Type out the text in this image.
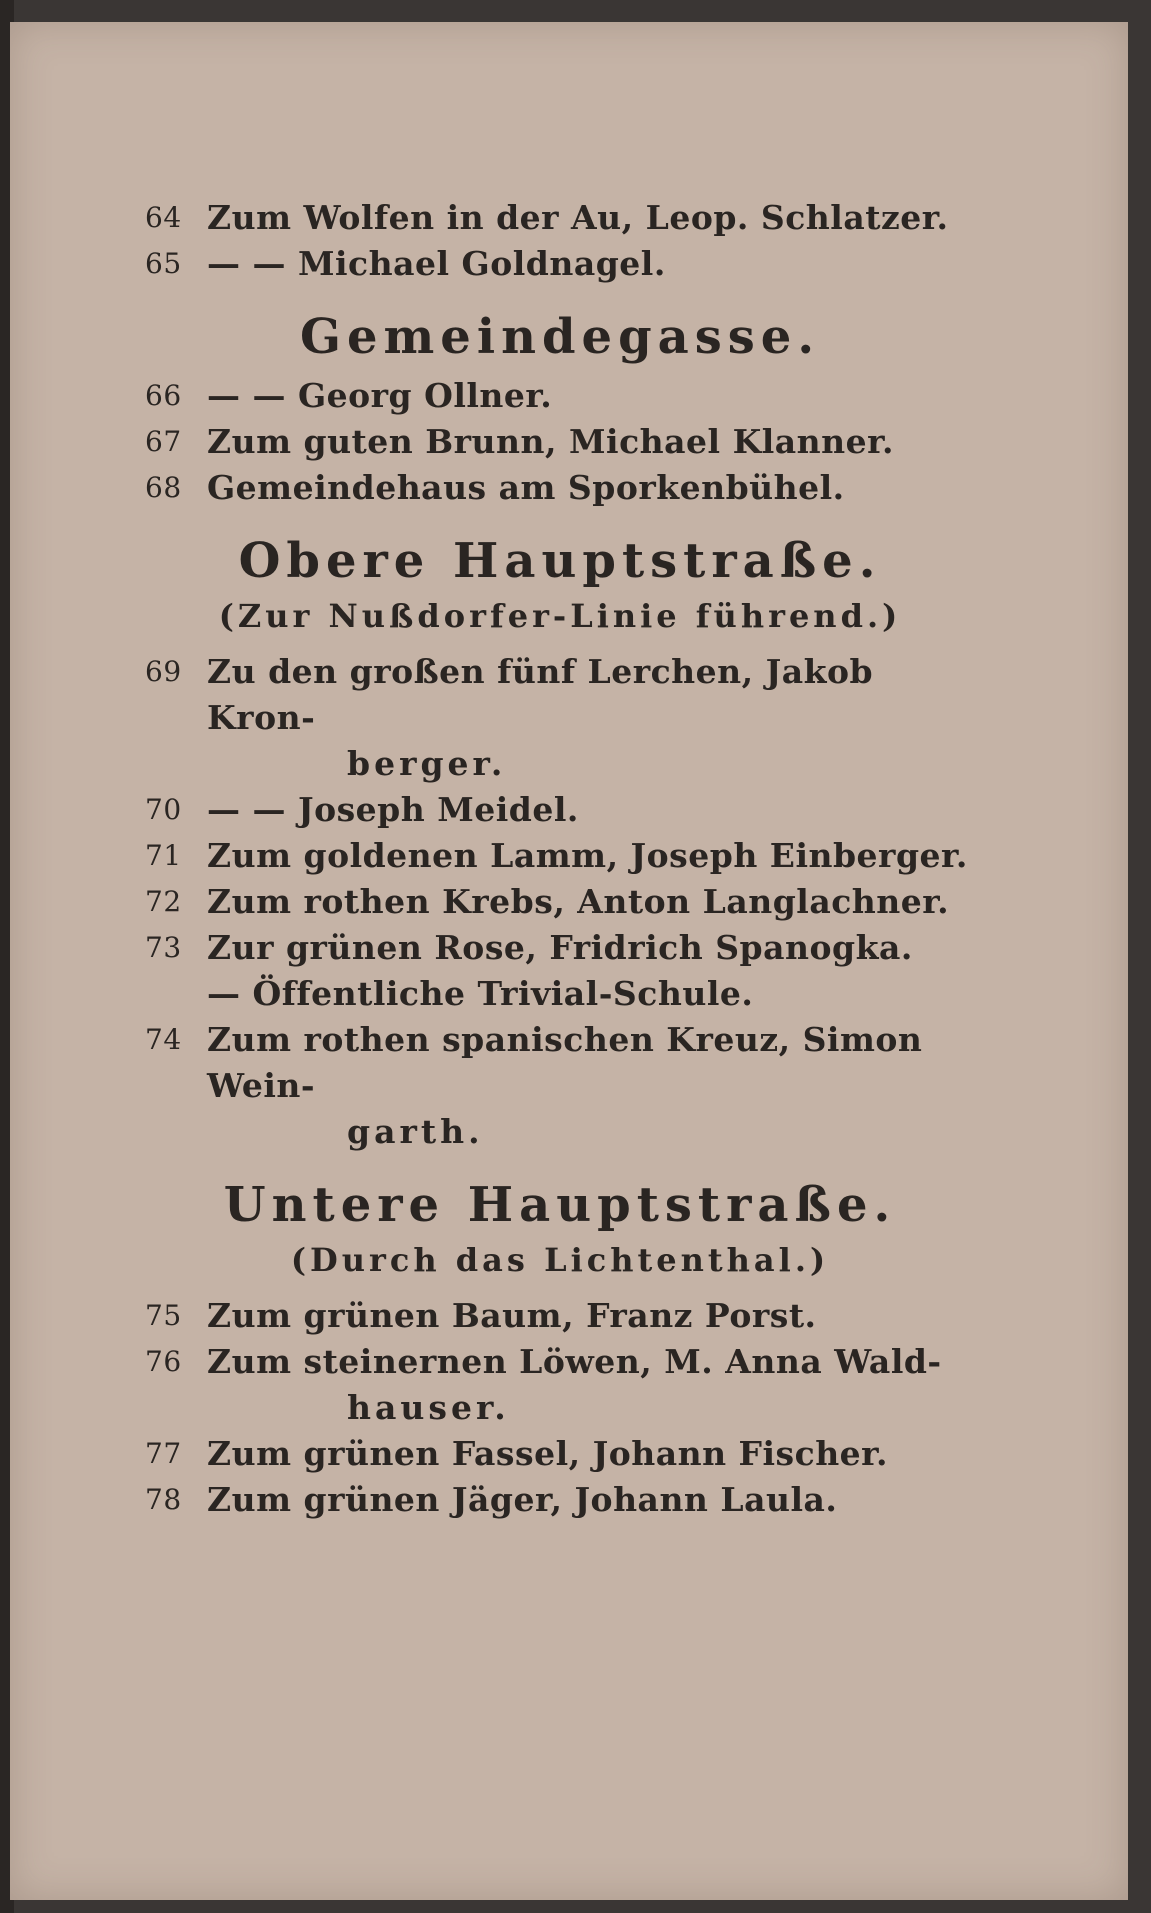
64 Zum Wolfen in der Au, Leop. Schlatzer.
65 — — Michael Goldnagel.
Gemeindegasse.
66 — — Georg Ollner.
67 Zum guten Brunn, Michael Klanner.
68 Gemeindehaus am Sporkenbühel.
Obere Hauptstraße.
(Zur Nußdorfer-Linie führend.)
69 Zu den großen fünf Lerchen, Jakob Kron-
berger.
70 — — Joseph Meidel.
71 Zum goldenen Lamm, Joseph Einberger.
72 Zum rothen Krebs, Anton Langlachner.
73 Zur grünen Rose, Fridrich Spanogka.
— Öffentliche Trivial-Schule.
74 Zum rothen spanischen Kreuz, Simon Wein-
garth.
Untere Hauptstraße.
(Durch das Lichtenthal.)
75 Zum grünen Baum, Franz Porst.
76 Zum steinernen Löwen, M. Anna Wald-
hauser.
77 Zum grünen Fassel, Johann Fischer.
78 Zum grünen Jäger, Johann Laula.
